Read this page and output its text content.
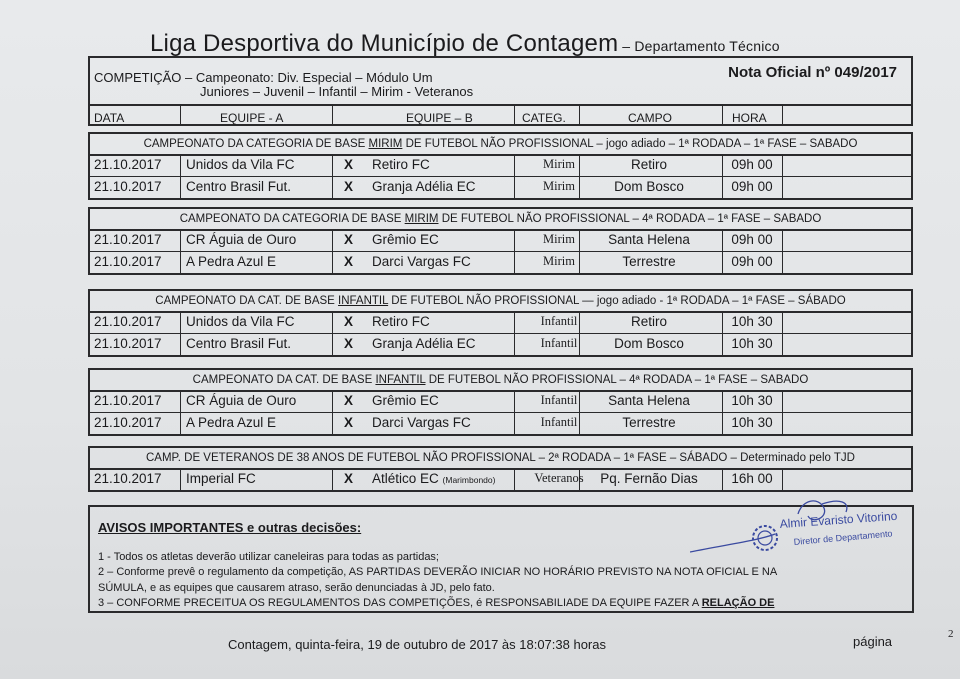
Liga Desportiva do Município de Contagem – Departamento Técnico
COMPETIÇÃO – Campeonato: Div. Especial – Módulo Um
Juniores – Juvenil – Infantil – Mirim - Veteranos
Nota Oficial nº 049/2017
DATA	EQUIPE - A	EQUIPE – B	CATEG.	CAMPO	HORA
CAMPEONATO DA CATEGORIA DE BASE MIRIM DE FUTEBOL NÃO PROFISSIONAL – jogo adiado – 1ª RODADA – 1ª FASE – SABADO
21.10.2017 Unidos da Vila FC	X Retiro FC	Mirim	Retiro	09h 00
21.10.2017 Centro Brasil Fut.	X Granja Adélia EC	Mirim	Dom Bosco	09h 00
CAMPEONATO DA CATEGORIA DE BASE MIRIM DE FUTEBOL NÃO PROFISSIONAL – 4ª RODADA – 1ª FASE – SABADO
21.10.2017 CR Águia de Ouro	X Grêmio EC	Mirim	Santa Helena	09h 00
21.10.2017 A Pedra Azul E	X Darci Vargas FC	Mirim	Terrestre	09h 00
CAMPEONATO DA CAT. DE BASE INFANTIL DE FUTEBOL NÃO PROFISSIONAL — jogo adiado - 1ª RODADA – 1ª FASE – SÁBADO
21.10.2017 Unidos da Vila FC	X Retiro FC	Infantil	Retiro	10h 30
21.10.2017 Centro Brasil Fut.	X Granja Adélia EC	Infantil	Dom Bosco	10h 30
CAMPEONATO DA CAT. DE BASE INFANTIL DE FUTEBOL NÃO PROFISSIONAL – 4ª RODADA – 1ª FASE – SABADO
21.10.2017 CR Águia de Ouro	X Grêmio EC	Infantil	Santa Helena	10h 30
21.10.2017 A Pedra Azul E	X Darci Vargas FC	Infantil	Terrestre	10h 30
CAMP. DE VETERANOS DE 38 ANOS DE FUTEBOL NÃO PROFISSIONAL – 2ª RODADA – 1ª FASE – SÁBADO – Determinado pelo TJD
21.10.2017 Imperial FC	X Atlético EC (Marimbondo)	Veteranos	Pq. Fernão Dias	16h 00
AVISOS IMPORTANTES e outras decisões:
1 - Todos os atletas deverão utilizar caneleiras para todas as partidas;
2 – Conforme prevê o regulamento da competição, AS PARTIDAS DEVERÃO INICIAR NO HORÁRIO PREVISTO NA NOTA OFICIAL E NA
SÚMULA, e as equipes que causarem atraso, serão denunciadas à JD, pelo fato.
3 – CONFORME PRECEITUA OS REGULAMENTOS DAS COMPETIÇÕES, é RESPONSABILIADE DA EQUIPE FAZER A RELAÇÃO DE
Almir Evaristo Vitorino
Diretor de Departamento
Contagem, quinta-feira, 19 de outubro de 2017 às 18:07:38 horas	página	2
